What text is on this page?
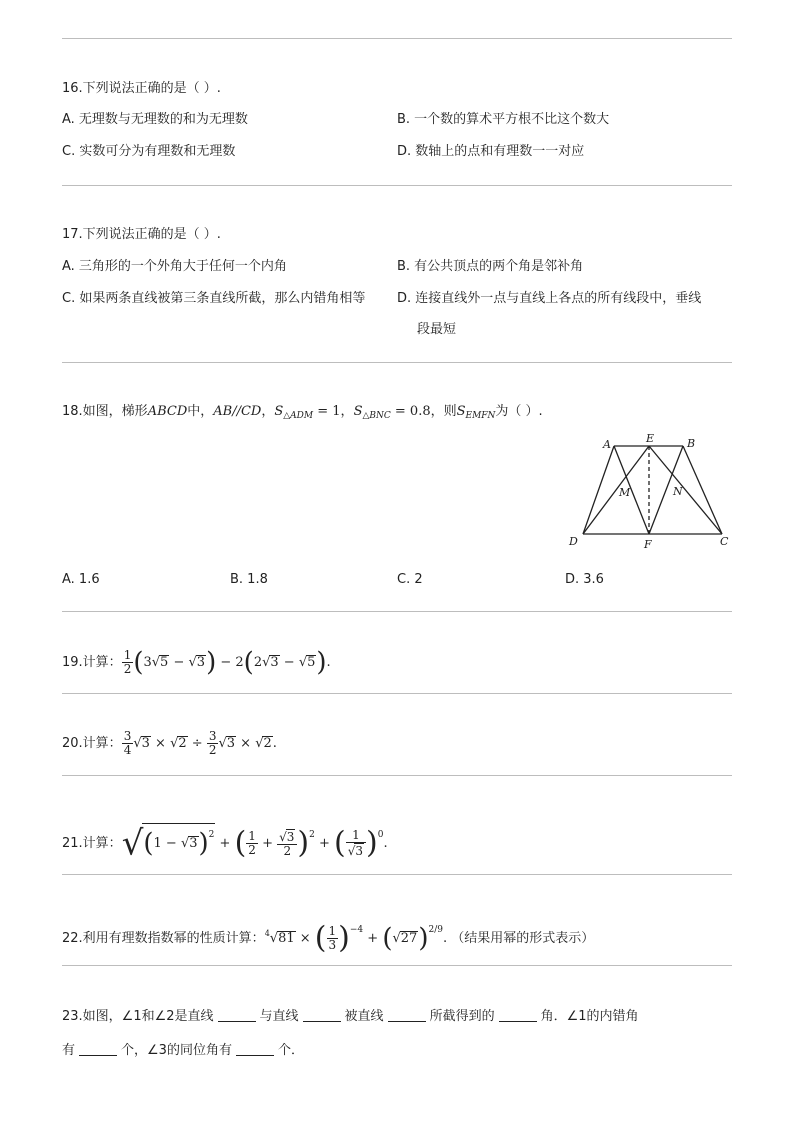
16.下列说法正确的是（ ）.
A. 无理数与无理数的和为无理数	B. 一个数的算术平方根不比这个数大
C. 实数可分为有理数和无理数	D. 数轴上的点和有理数一一对应
17.下列说法正确的是（ ）.
A. 三角形的一个外角大于任何一个内角	B. 有公共顶点的两个角是邻补角
C. 如果两条直线被第三条直线所截，那么内错角相等 D. 连接直线外一点与直线上各点的所有线段中，垂线
段最短
18.如图，梯形ABCD中，AB//CD，$S_{\triangle ADM} = 1$，$S_{\triangle BNC} = 0.8$，则$S_{EMFN}$为（ ）.
A	E	B
M	N
D	F	C
A. 1.6	B. 1.8	C. 2	D. 3.6
19.计算： $\frac{1}{2} (3√5 - √3) - 2(2√3 - √5)$.
20.计算： $\frac{3}{4} √3 \times √2 \div \frac{3}{2} √3 \times √2$.
21.计算：$√(1 - √3)^2$ + ( $\frac{1}{2} + \frac{√3}{2} )^2$ + ( $\frac{1}{√3} )^0$.
22.利用有理数指数幂的性质计算：$^4$√81 × ( $\frac{1}{3} )^{-4} + (√27)^{2/9}$. （结果用幂的形式表示）
23.如图，∠1和∠2是直线	与直线	被直线	所截得到的	角．∠1的内错角
有	个，∠3的同位角有	个．
